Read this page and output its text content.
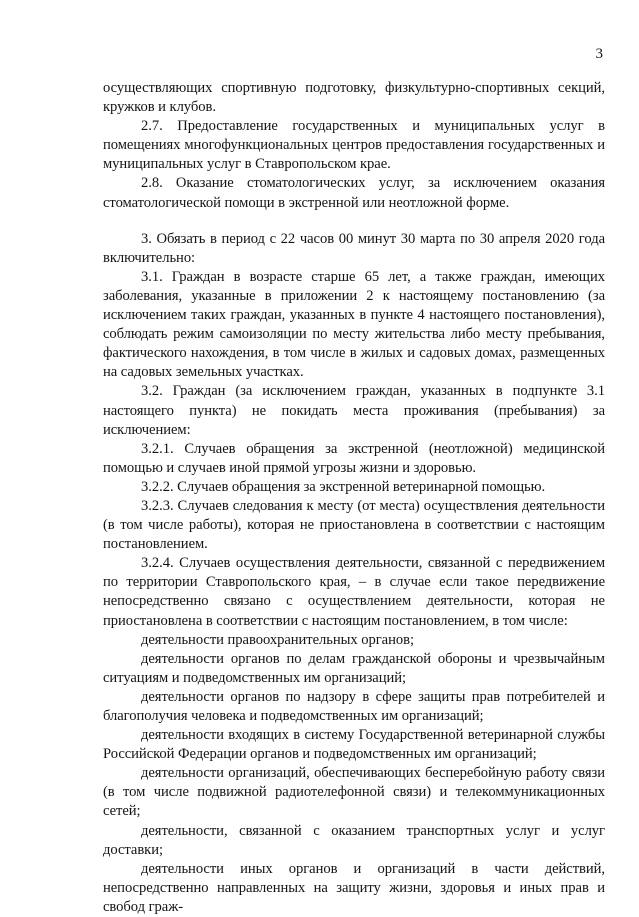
3

осуществляющих спортивную подготовку, физкультурно-спортивных секций, кружков и клубов.

2.7. Предоставление государственных и муниципальных услуг в помещениях многофункциональных центров предоставления государственных и муниципальных услуг в Ставропольском крае.

2.8. Оказание стоматологических услуг, за исключением оказания стоматологической помощи в экстренной или неотложной форме.

3. Обязать в период с 22 часов 00 минут 30 марта по 30 апреля 2020 года включительно:

3.1. Граждан в возрасте старше 65 лет, а также граждан, имеющих заболевания, указанные в приложении 2 к настоящему постановлению (за исключением таких граждан, указанных в пункте 4 настоящего постановления), соблюдать режим самоизоляции по месту жительства либо месту пребывания, фактического нахождения, в том числе в жилых и садовых домах, размещенных на садовых земельных участках.

3.2. Граждан (за исключением граждан, указанных в подпункте 3.1 настоящего пункта) не покидать места проживания (пребывания) за исключением:

3.2.1. Случаев обращения за экстренной (неотложной) медицинской помощью и случаев иной прямой угрозы жизни и здоровью.

3.2.2. Случаев обращения за экстренной ветеринарной помощью.

3.2.3. Случаев следования к месту (от места) осуществления деятельности (в том числе работы), которая не приостановлена в соответствии с настоящим постановлением.

3.2.4. Случаев осуществления деятельности, связанной с передвижением по территории Ставропольского края, – в случае если такое передвижение непосредственно связано с осуществлением деятельности, которая не приостановлена в соответствии с настоящим постановлением, в том числе:

деятельности правоохранительных органов;

деятельности органов по делам гражданской обороны и чрезвычайным ситуациям и подведомственных им организаций;

деятельности органов по надзору в сфере защиты прав потребителей и благополучия человека и подведомственных им организаций;

деятельности входящих в систему Государственной ветеринарной службы Российской Федерации органов и подведомственных им организаций;

деятельности организаций, обеспечивающих бесперебойную работу связи (в том числе подвижной радиотелефонной связи) и телекоммуникационных сетей;

деятельности, связанной с оказанием транспортных услуг и услуг доставки;

деятельности иных органов и организаций в части действий, непосредственно направленных на защиту жизни, здоровья и иных прав и свобод граж-
